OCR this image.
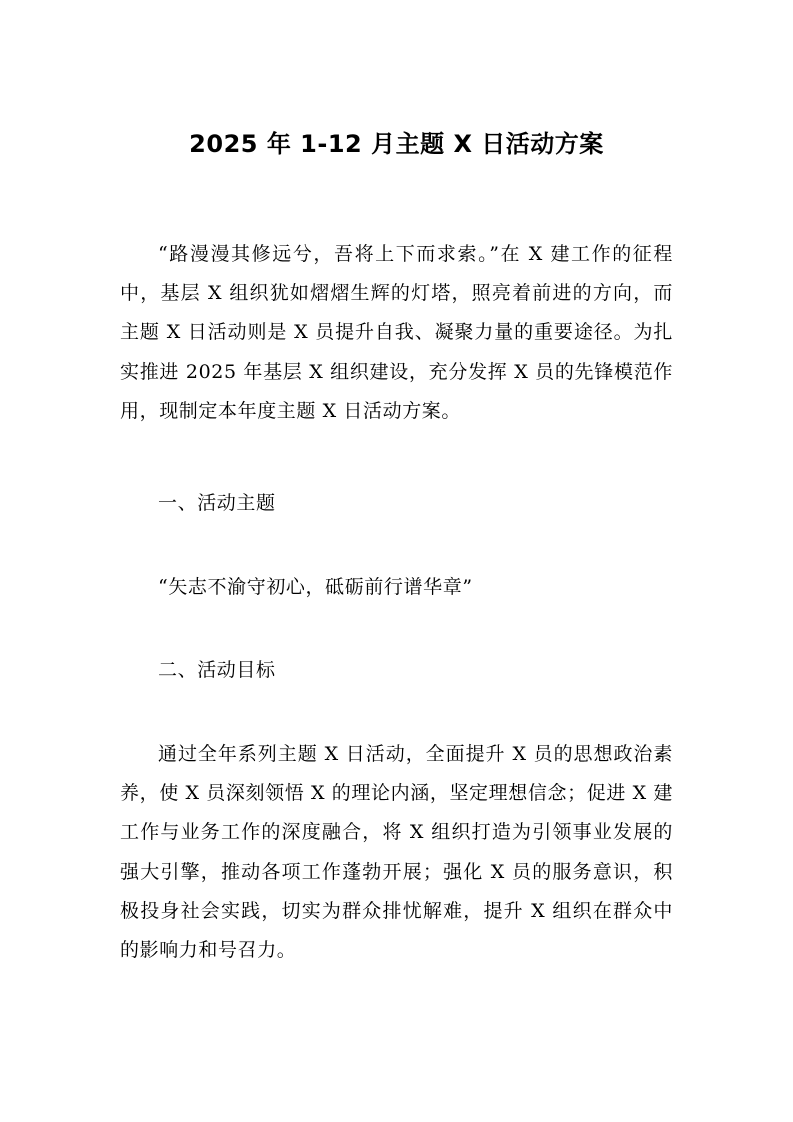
2025 年 1-12 月主题 X 日活动方案

“路漫漫其修远兮，吾将上下而求索。”在 X 建工作的征程中，基层 X 组织犹如熠熠生辉的灯塔，照亮着前进的方向，而主题 X 日活动则是 X 员提升自我、凝聚力量的重要途径。为扎实推进 2025 年基层 X 组织建设，充分发挥 X 员的先锋模范作用，现制定本年度主题 X 日活动方案。

一、活动主题

“矢志不渝守初心，砥砺前行谱华章”

二、活动目标

通过全年系列主题 X 日活动，全面提升 X 员的思想政治素养，使 X 员深刻领悟 X 的理论内涵，坚定理想信念；促进 X 建工作与业务工作的深度融合，将 X 组织打造为引领事业发展的强大引擎，推动各项工作蓬勃开展；强化 X 员的服务意识，积极投身社会实践，切实为群众排忧解难，提升 X 组织在群众中的影响力和号召力。
